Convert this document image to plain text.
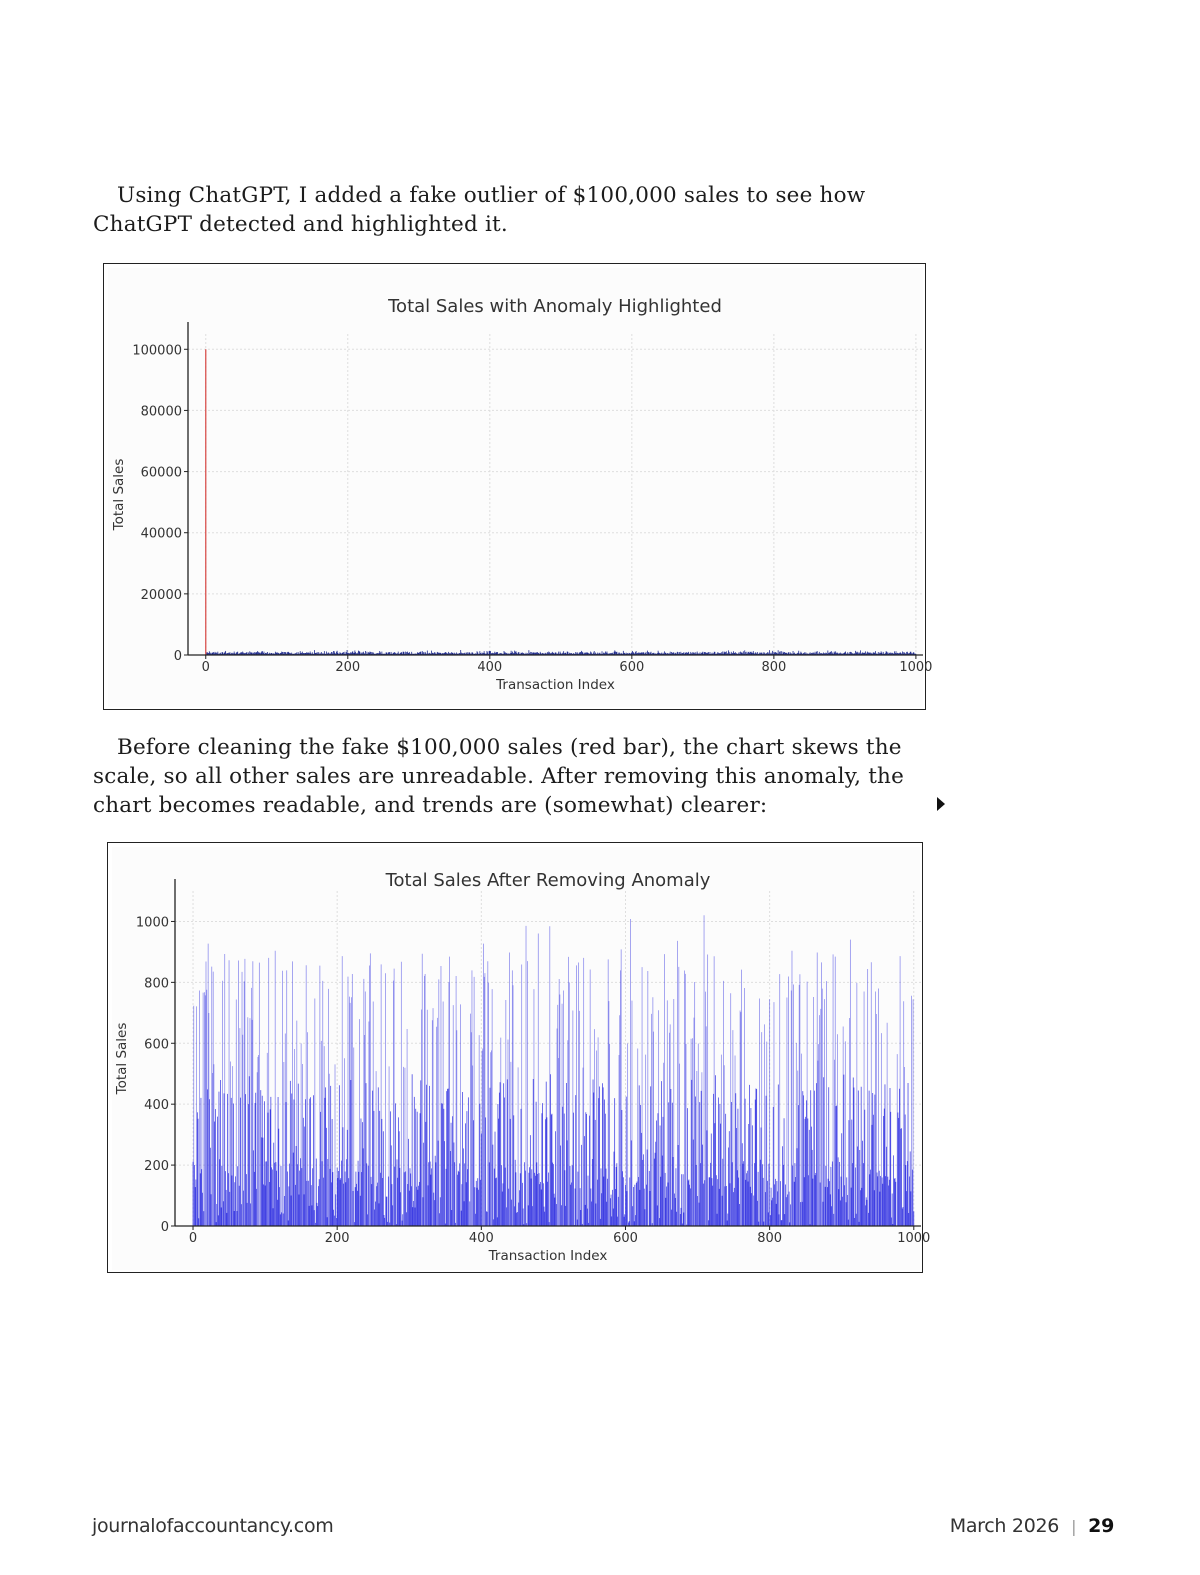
Using ChatGPT, I added a fake outlier of $100,000 sales to see how ChatGPT detected and highlighted it.

0	200	400	600	800	1000
0
20000
40000
60000
80000
100000
Total Sales with Anomaly Highlighted
Transaction Index
Total Sales

Before cleaning the fake $100,000 sales (red bar), the chart skews the scale, so all other sales are unreadable. After removing this anomaly, the chart becomes readable, and trends are (somewhat) clearer:

0	200	400	600	800	1000
0
200
400
600
800
1000
Total Sales After Removing Anomaly
Transaction Index
Total Sales
journalofaccountancy.com	March 2026 | 29
